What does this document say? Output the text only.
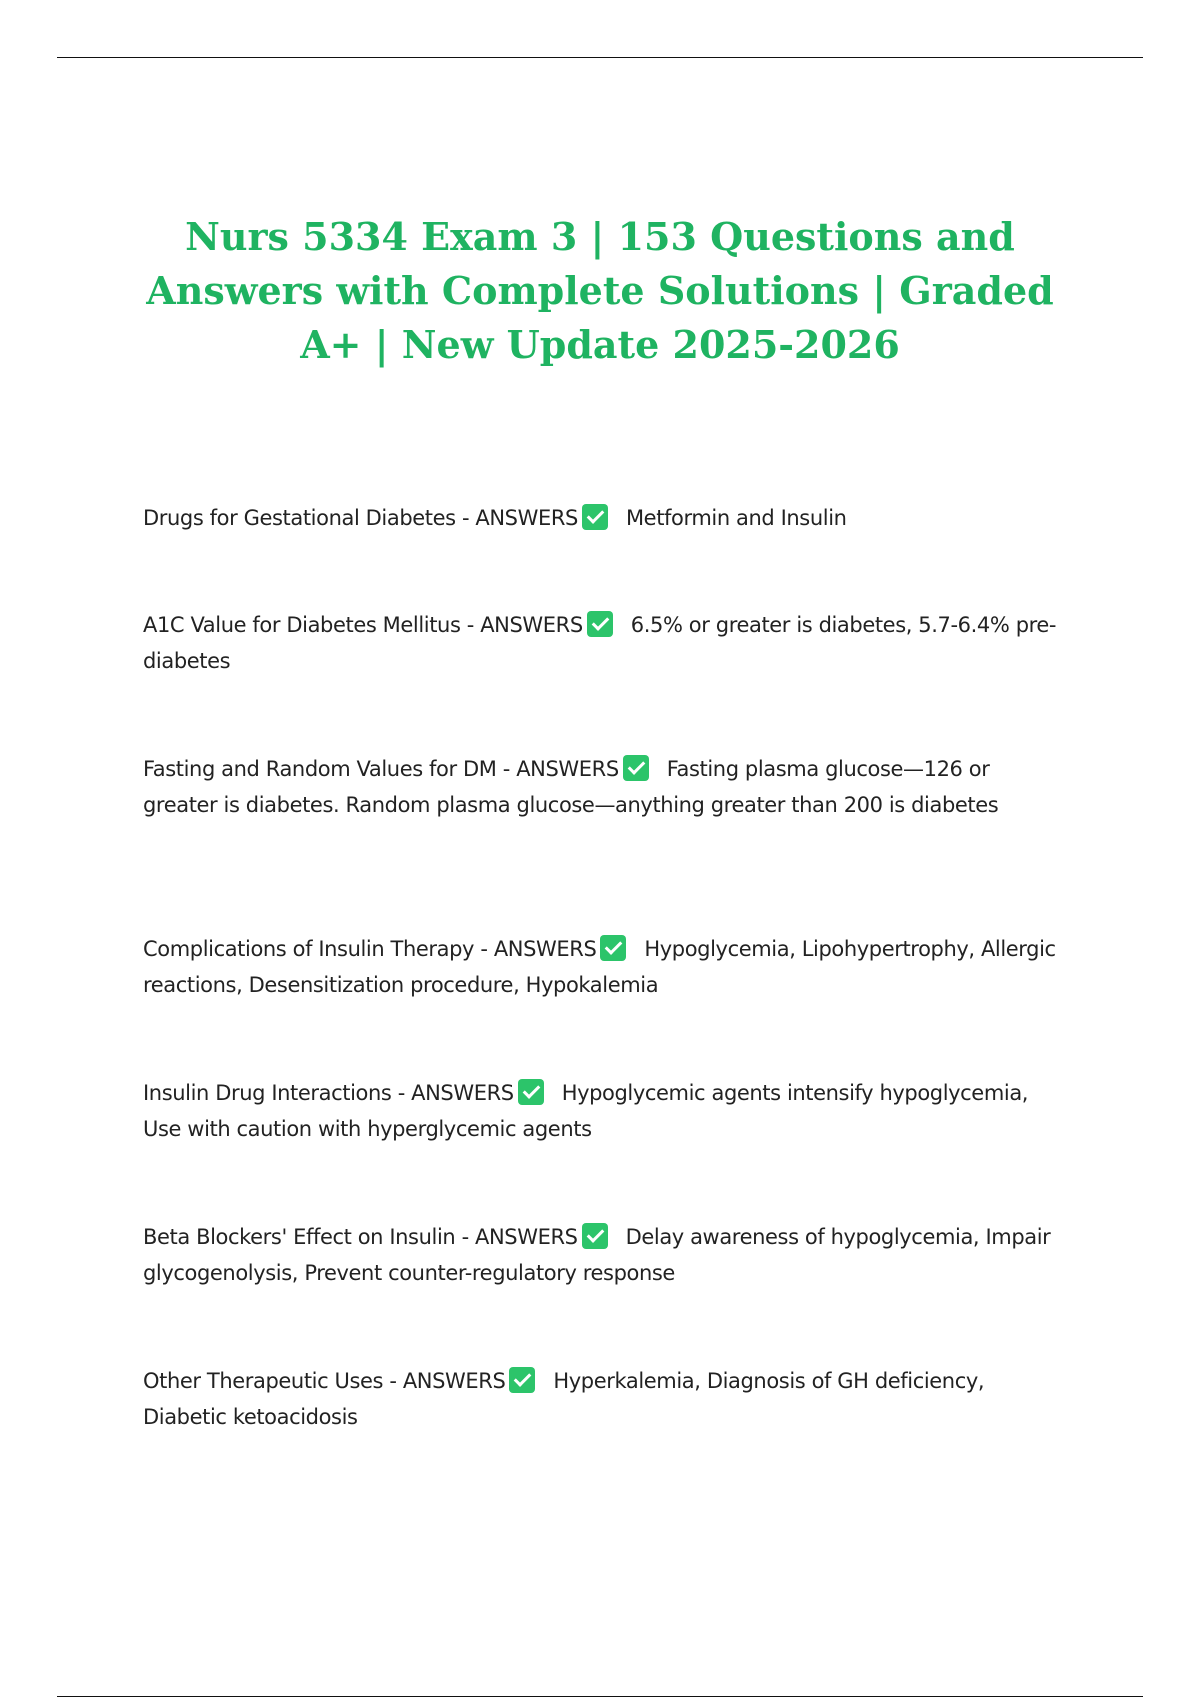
Nurs 5334 Exam 3 | 153 Questions and Answers with Complete Solutions | Graded A+ | New Update 2025-2026
Drugs for Gestational Diabetes - ANSWERS Metformin and Insulin
A1C Value for Diabetes Mellitus - ANSWERS 6.5% or greater is diabetes, 5.7-6.4% pre-diabetes
Fasting and Random Values for DM - ANSWERS Fasting plasma glucose—126 or greater is diabetes. Random plasma glucose—anything greater than 200 is diabetes
Complications of Insulin Therapy - ANSWERS Hypoglycemia, Lipohypertrophy, Allergic reactions, Desensitization procedure, Hypokalemia
Insulin Drug Interactions - ANSWERS Hypoglycemic agents intensify hypoglycemia, Use with caution with hyperglycemic agents
Beta Blockers' Effect on Insulin - ANSWERS Delay awareness of hypoglycemia, Impair glycogenolysis, Prevent counter-regulatory response
Other Therapeutic Uses - ANSWERS Hyperkalemia, Diagnosis of GH deficiency, Diabetic ketoacidosis
